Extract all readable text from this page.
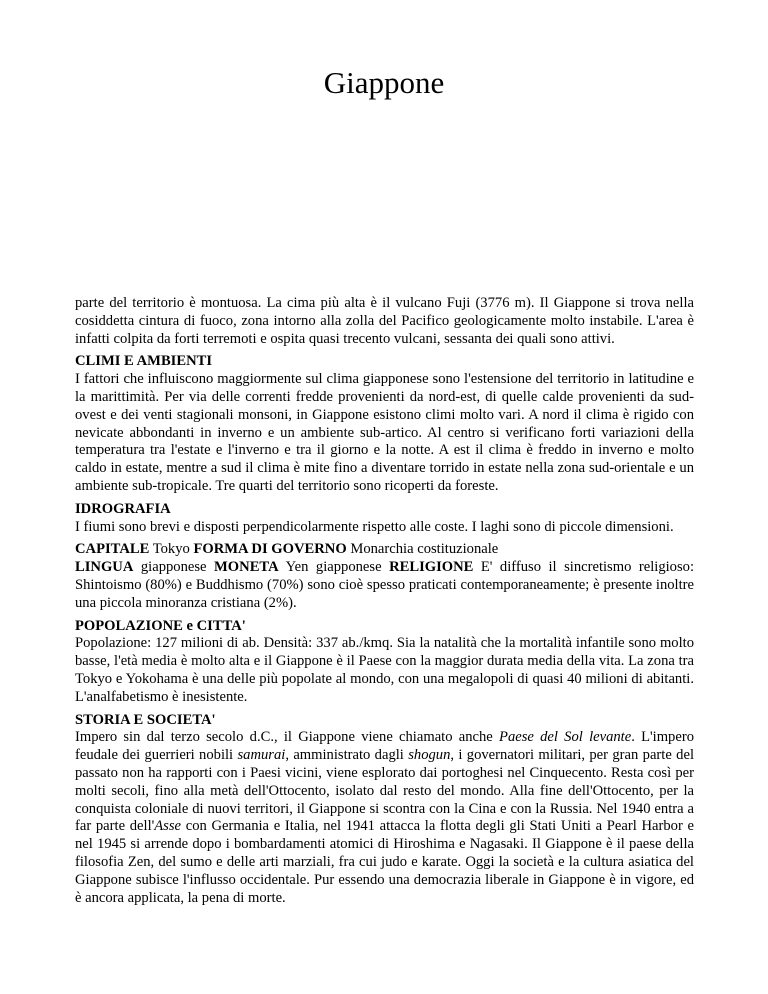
Giappone

parte del territorio è montuosa. La cima più alta è il vulcano Fuji (3776 m). Il Giappone si trova nella cosiddetta cintura di fuoco, zona intorno alla zolla del Pacifico geologicamente molto instabile. L'area è infatti colpita da forti terremoti e ospita quasi trecento vulcani, sessanta dei quali sono attivi.

CLIMI E AMBIENTI

I fattori che influiscono maggiormente sul clima giapponese sono l'estensione del territorio in latitudine e la marittimità. Per via delle correnti fredde provenienti da nord-est, di quelle calde provenienti da sud-ovest e dei venti stagionali monsoni, in Giappone esistono climi molto vari. A nord il clima è rigido con nevicate abbondanti in inverno e un ambiente sub-artico. Al centro si verificano forti variazioni della temperatura tra l'estate e l'inverno e tra il giorno e la notte. A est il clima è freddo in inverno e molto caldo in estate, mentre a sud il clima è mite fino a diventare torrido in estate nella zona sud-orientale e un ambiente sub-tropicale. Tre quarti del territorio sono ricoperti da foreste.

IDROGRAFIA

I fiumi sono brevi e disposti perpendicolarmente rispetto alle coste. I laghi sono di piccole dimensioni.

CAPITALE Tokyo FORMA DI GOVERNO Monarchia costituzionale
LINGUA giapponese MONETA Yen giapponese RELIGIONE E' diffuso il sincretismo religioso: Shintoismo (80%) e Buddhismo (70%) sono cioè spesso praticati contemporaneamente; è presente inoltre una piccola minoranza cristiana (2%).

POPOLAZIONE e CITTA'

Popolazione: 127 milioni di ab. Densità: 337 ab./kmq. Sia la natalità che la mortalità infantile sono molto basse, l'età media è molto alta e il Giappone è il Paese con la maggior durata media della vita. La zona tra Tokyo e Yokohama è una delle più popolate al mondo, con una megalopoli di quasi 40 milioni di abitanti. L'analfabetismo è inesistente.

STORIA E SOCIETA'

Impero sin dal terzo secolo d.C., il Giappone viene chiamato anche Paese del Sol levante. L'impero feudale dei guerrieri nobili samurai, amministrato dagli shogun, i governatori militari, per gran parte del passato non ha rapporti con i Paesi vicini, viene esplorato dai portoghesi nel Cinquecento. Resta così per molti secoli, fino alla metà dell'Ottocento, isolato dal resto del mondo. Alla fine dell'Ottocento, per la conquista coloniale di nuovi territori, il Giappone si scontra con la Cina e con la Russia. Nel 1940 entra a far parte dell'Asse con Germania e Italia, nel 1941 attacca la flotta degli gli Stati Uniti a Pearl Harbor e nel 1945 si arrende dopo i bombardamenti atomici di Hiroshima e Nagasaki. Il Giappone è il paese della filosofia Zen, del sumo e delle arti marziali, fra cui judo e karate. Oggi la società e la cultura asiatica del Giappone subisce l'influsso occidentale. Pur essendo una democrazia liberale in Giappone è in vigore, ed è ancora applicata, la pena di morte.
